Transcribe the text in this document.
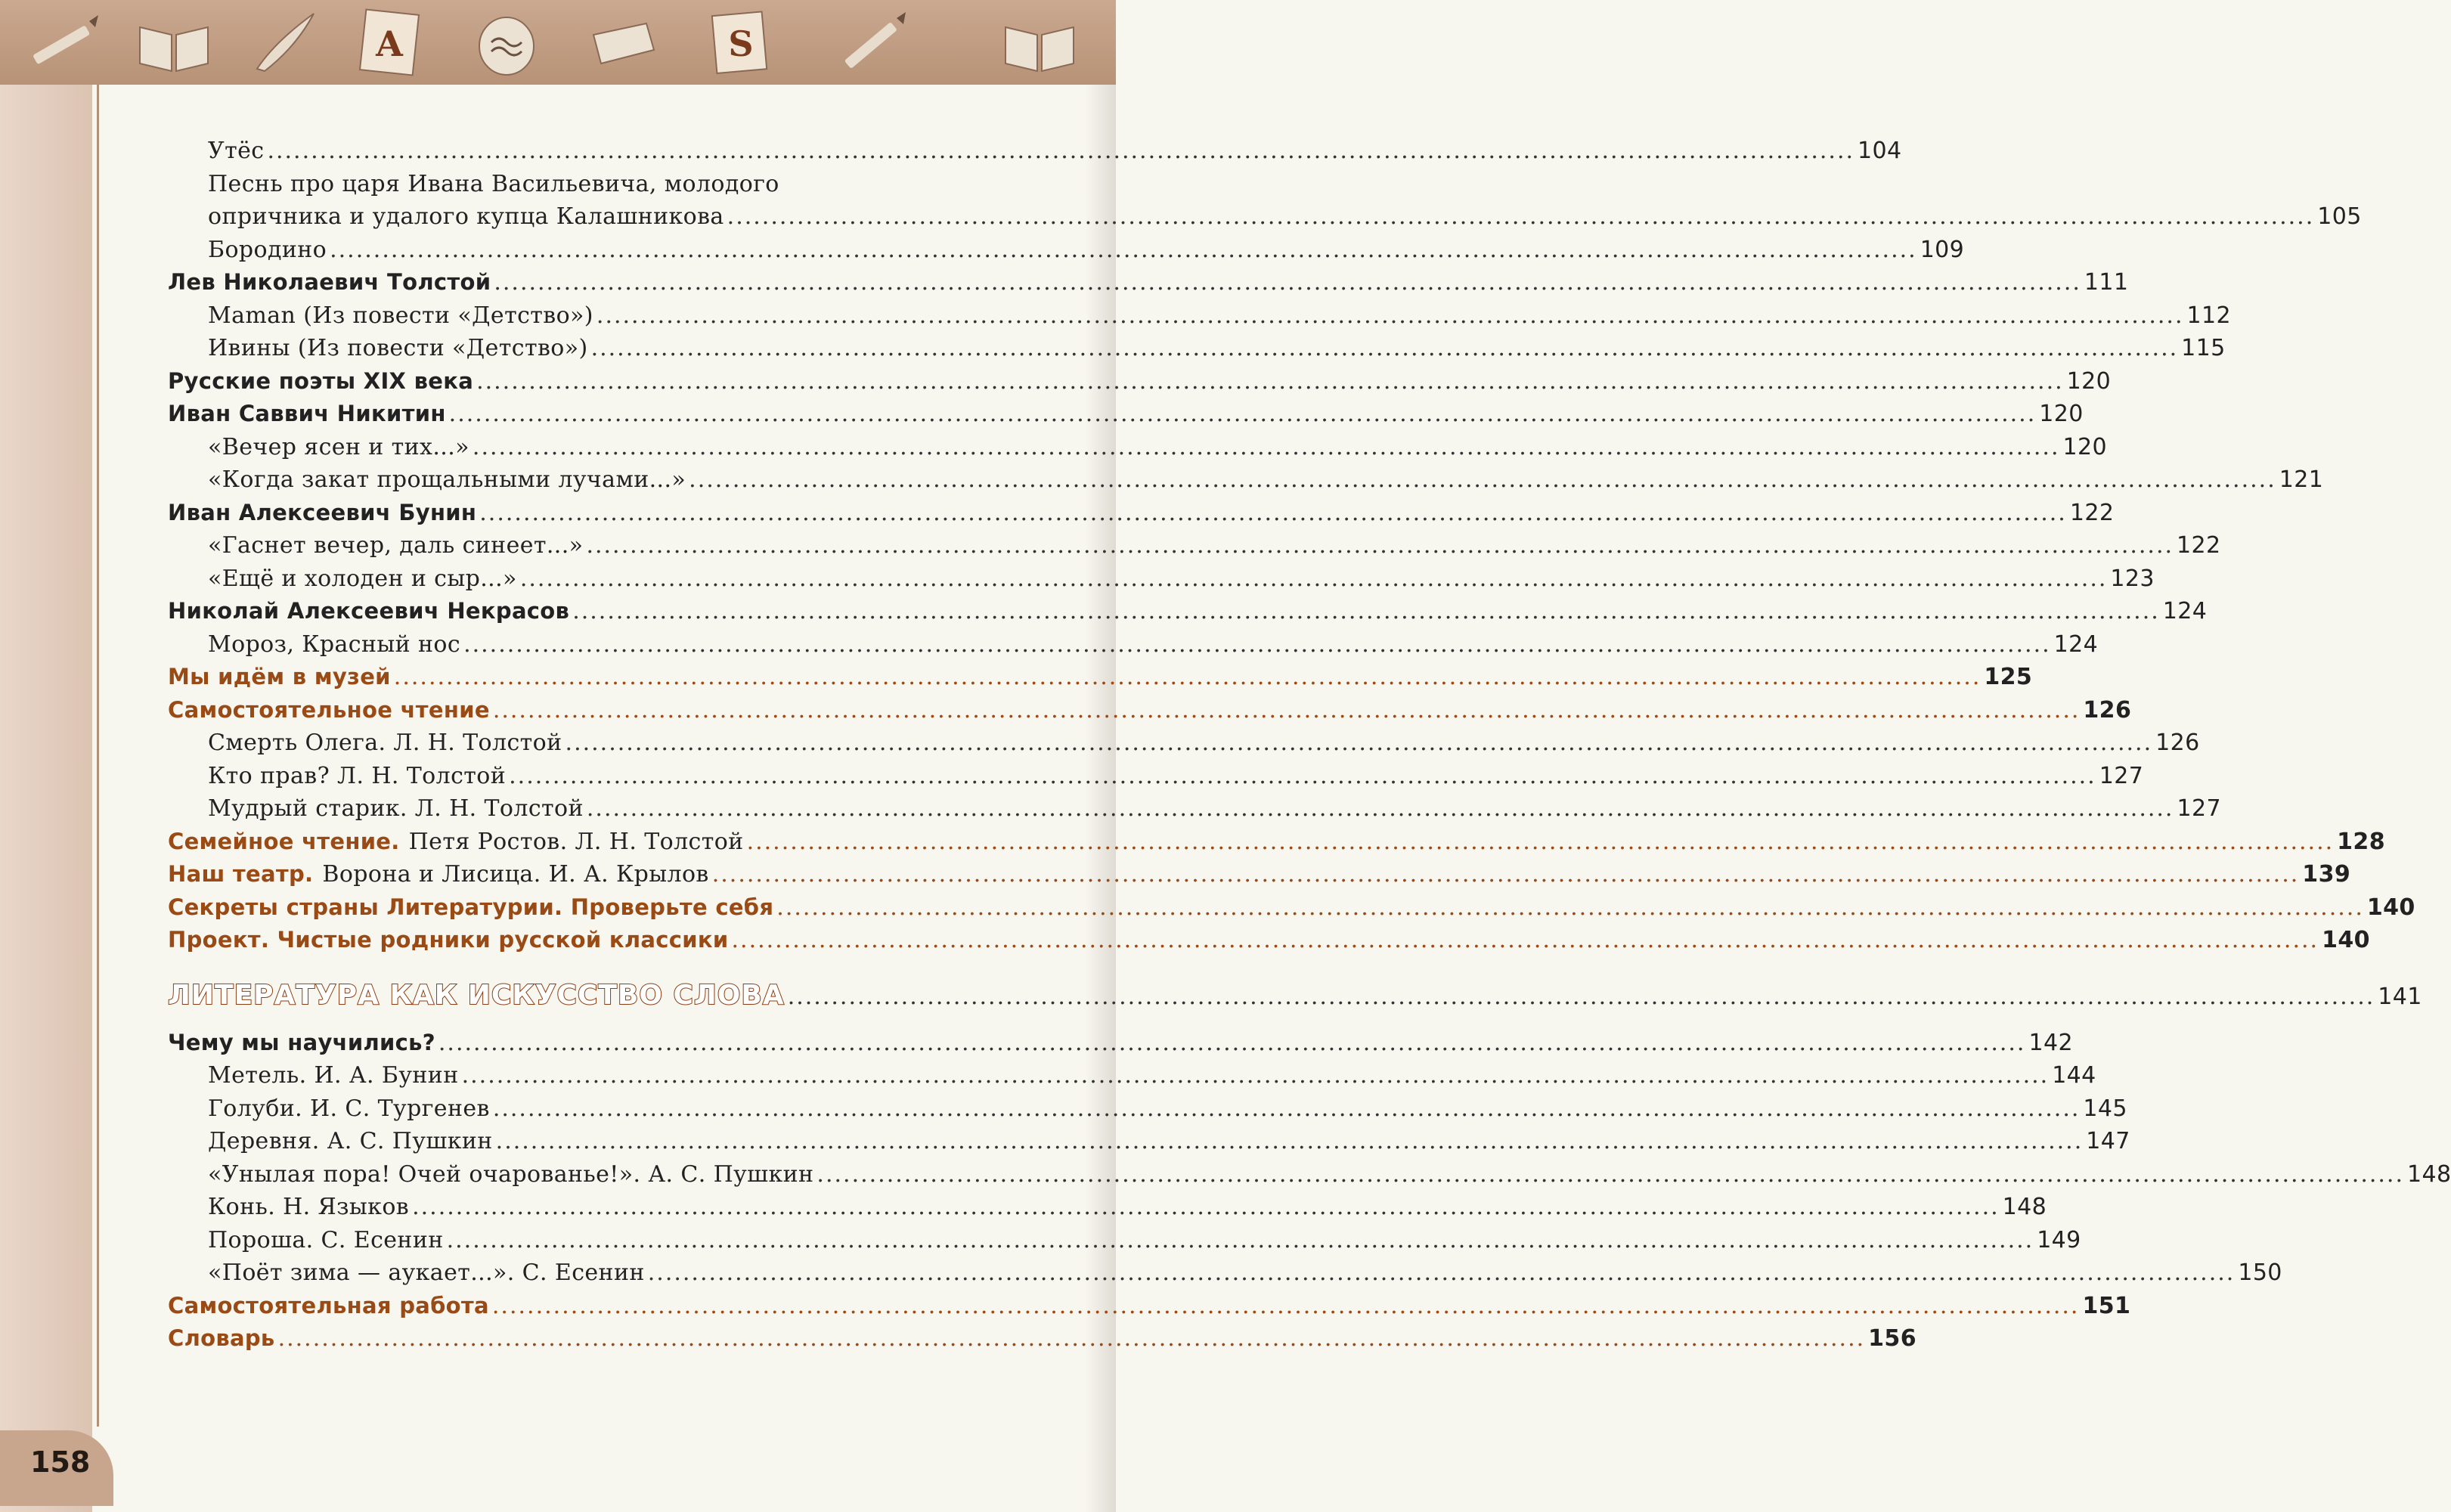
A	S
Утёс .....	104
Песнь про царя Ивана Васильевича, молодого
опричника и удалого купца Калашникова .....	105
Бородино .....	109
Лев Николаевич Толстой .....	111
Maman (Из повести «Детство») .....	112
Ивины (Из повести «Детство») .....	115
Русские поэты XIX века .....	120
Иван Саввич Никитин .....	120
«Вечер ясен и тих...» .....	120
«Когда закат прощальными лучами...» .....	121
Иван Алексеевич Бунин .....	122
«Гаснет вечер, даль синеет...» .....	122
«Ещё и холоден и сыр...» .....	123
Николай Алексеевич Некрасов .....	124
Мороз, Красный нос .....	124
Мы идём в музей .....	125
Самостоятельное чтение .....	126
Смерть Олега. Л. Н. Толстой .....	126
Кто прав? Л. Н. Толстой .....	127
Мудрый старик. Л. Н. Толстой .....	127
Семейное чтение. Петя Ростов. Л. Н. Толстой .....	128
Наш театр. Ворона и Лисица. И. А. Крылов .....	139
Секреты страны Литературии. Проверьте себя .....	140
Проект. Чистые родники русской классики .....	140
ЛИТЕРАТУРА КАК ИСКУССТВО СЛОВА .....	141
Чему мы научились? .....	142
Метель. И. А. Бунин .....	144
Голуби. И. С. Тургенев .....	145
Деревня. А. С. Пушкин .....	147
«Унылая пора! Очей очарованье!». А. С. Пушкин .....	148
Конь. Н. Языков .....	148
Пороша. С. Есенин .....	149
«Поёт зима — аукает...». С. Есенин .....	150
Самостоятельная работа .....	151
Словарь .....	156
158
